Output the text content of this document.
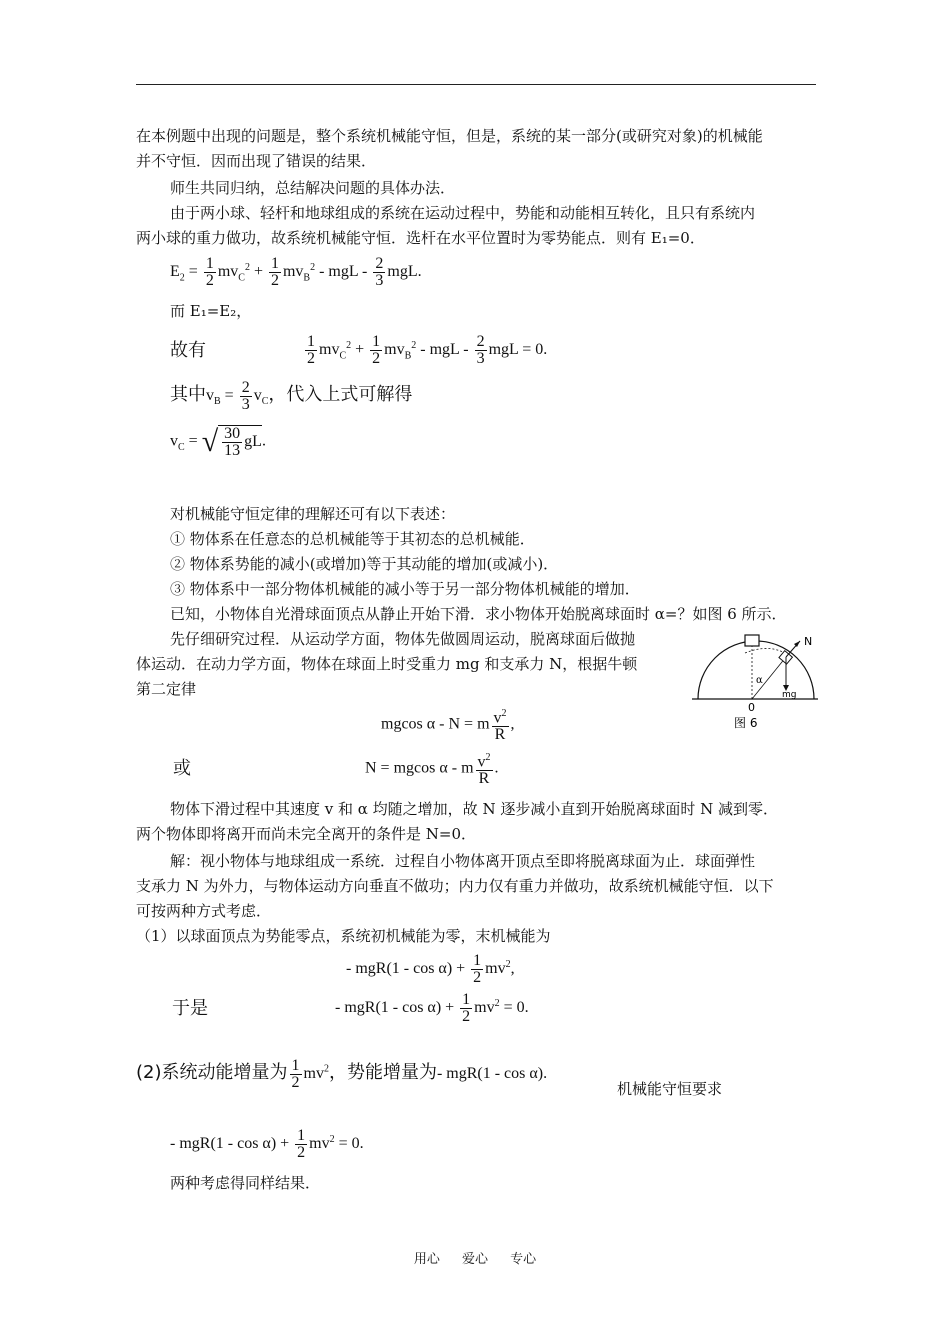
在本例题中出现的问题是，整个系统机械能守恒，但是，系统的某一部分(或研究对象)的机械能
并不守恒．因而出现了错误的结果．
师生共同归纳，总结解决问题的具体办法．
由于两小球、轻杆和地球组成的系统在运动过程中，势能和动能相互转化，且只有系统内
两小球的重力做功，故系统机械能守恒．选杆在水平位置时为零势能点．则有 E₁=0．
$E_2 = \frac{1}{2} mv_C^2 + \frac{1}{2} mv_B^2$ - mgL - $\frac{2}{3}$ mgL.
而 E₁=E₂，
故有	$\frac{1}{2} mv_C^2 + \frac{1}{2} mv_B^2$ - mgL - $\frac{2}{3}$ mgL = 0.
其中$v_B = \frac{2}{3} v_C$，代入上式可解得
$v_C$ = √ $\frac{30}{13}$ gL.
对机械能守恒定律的理解还可有以下表述：
① 物体系在任意态的总机械能等于其初态的总机械能．
② 物体系势能的减小(或增加)等于其动能的增加(或减小)．
③ 物体系中一部分物体机械能的减小等于另一部分物体机械能的增加．
已知，小物体自光滑球面顶点从静止开始下滑．求小物体开始脱离球面时 α=？如图 6 所示．
先仔细研究过程．从运动学方面，物体先做圆周运动，脱离球面后做抛
体运动．在动力学方面，物体在球面上时受重力 mg 和支承力 N，根据牛顿
第二定律
N
α
mg
0
图 6
mgcos α - N = m $\frac{v^2}{R}$ ,
或	N = mgcos α - m $\frac{v^2}{R}$ .
物体下滑过程中其速度 v 和 α 均随之增加，故 N 逐步减小直到开始脱离球面时 N 减到零．
两个物体即将离开而尚未完全离开的条件是 N=0．
解：视小物体与地球组成一系统．过程自小物体离开顶点至即将脱离球面为止．球面弹性
支承力 N 为外力，与物体运动方向垂直不做功；内力仅有重力并做功，故系统机械能守恒．以下
可按两种方式考虑．
（1）以球面顶点为势能零点，系统初机械能为零，末机械能为
- $mgR(1 - \cos \alpha) + \frac{1}{2} mv^2$,
于是	- $mgR(1 - \cos \alpha) + \frac{1}{2} mv^2 = 0$.
(2)系统动能增量为 $\frac{1}{2} mv^2$，势能增量为- mgR(1 - cos α).
机械能守恒要求
- $mgR(1 - \cos \alpha) + \frac{1}{2} mv^2 = 0$.
两种考虑得同样结果．
用心 爱心 专心
